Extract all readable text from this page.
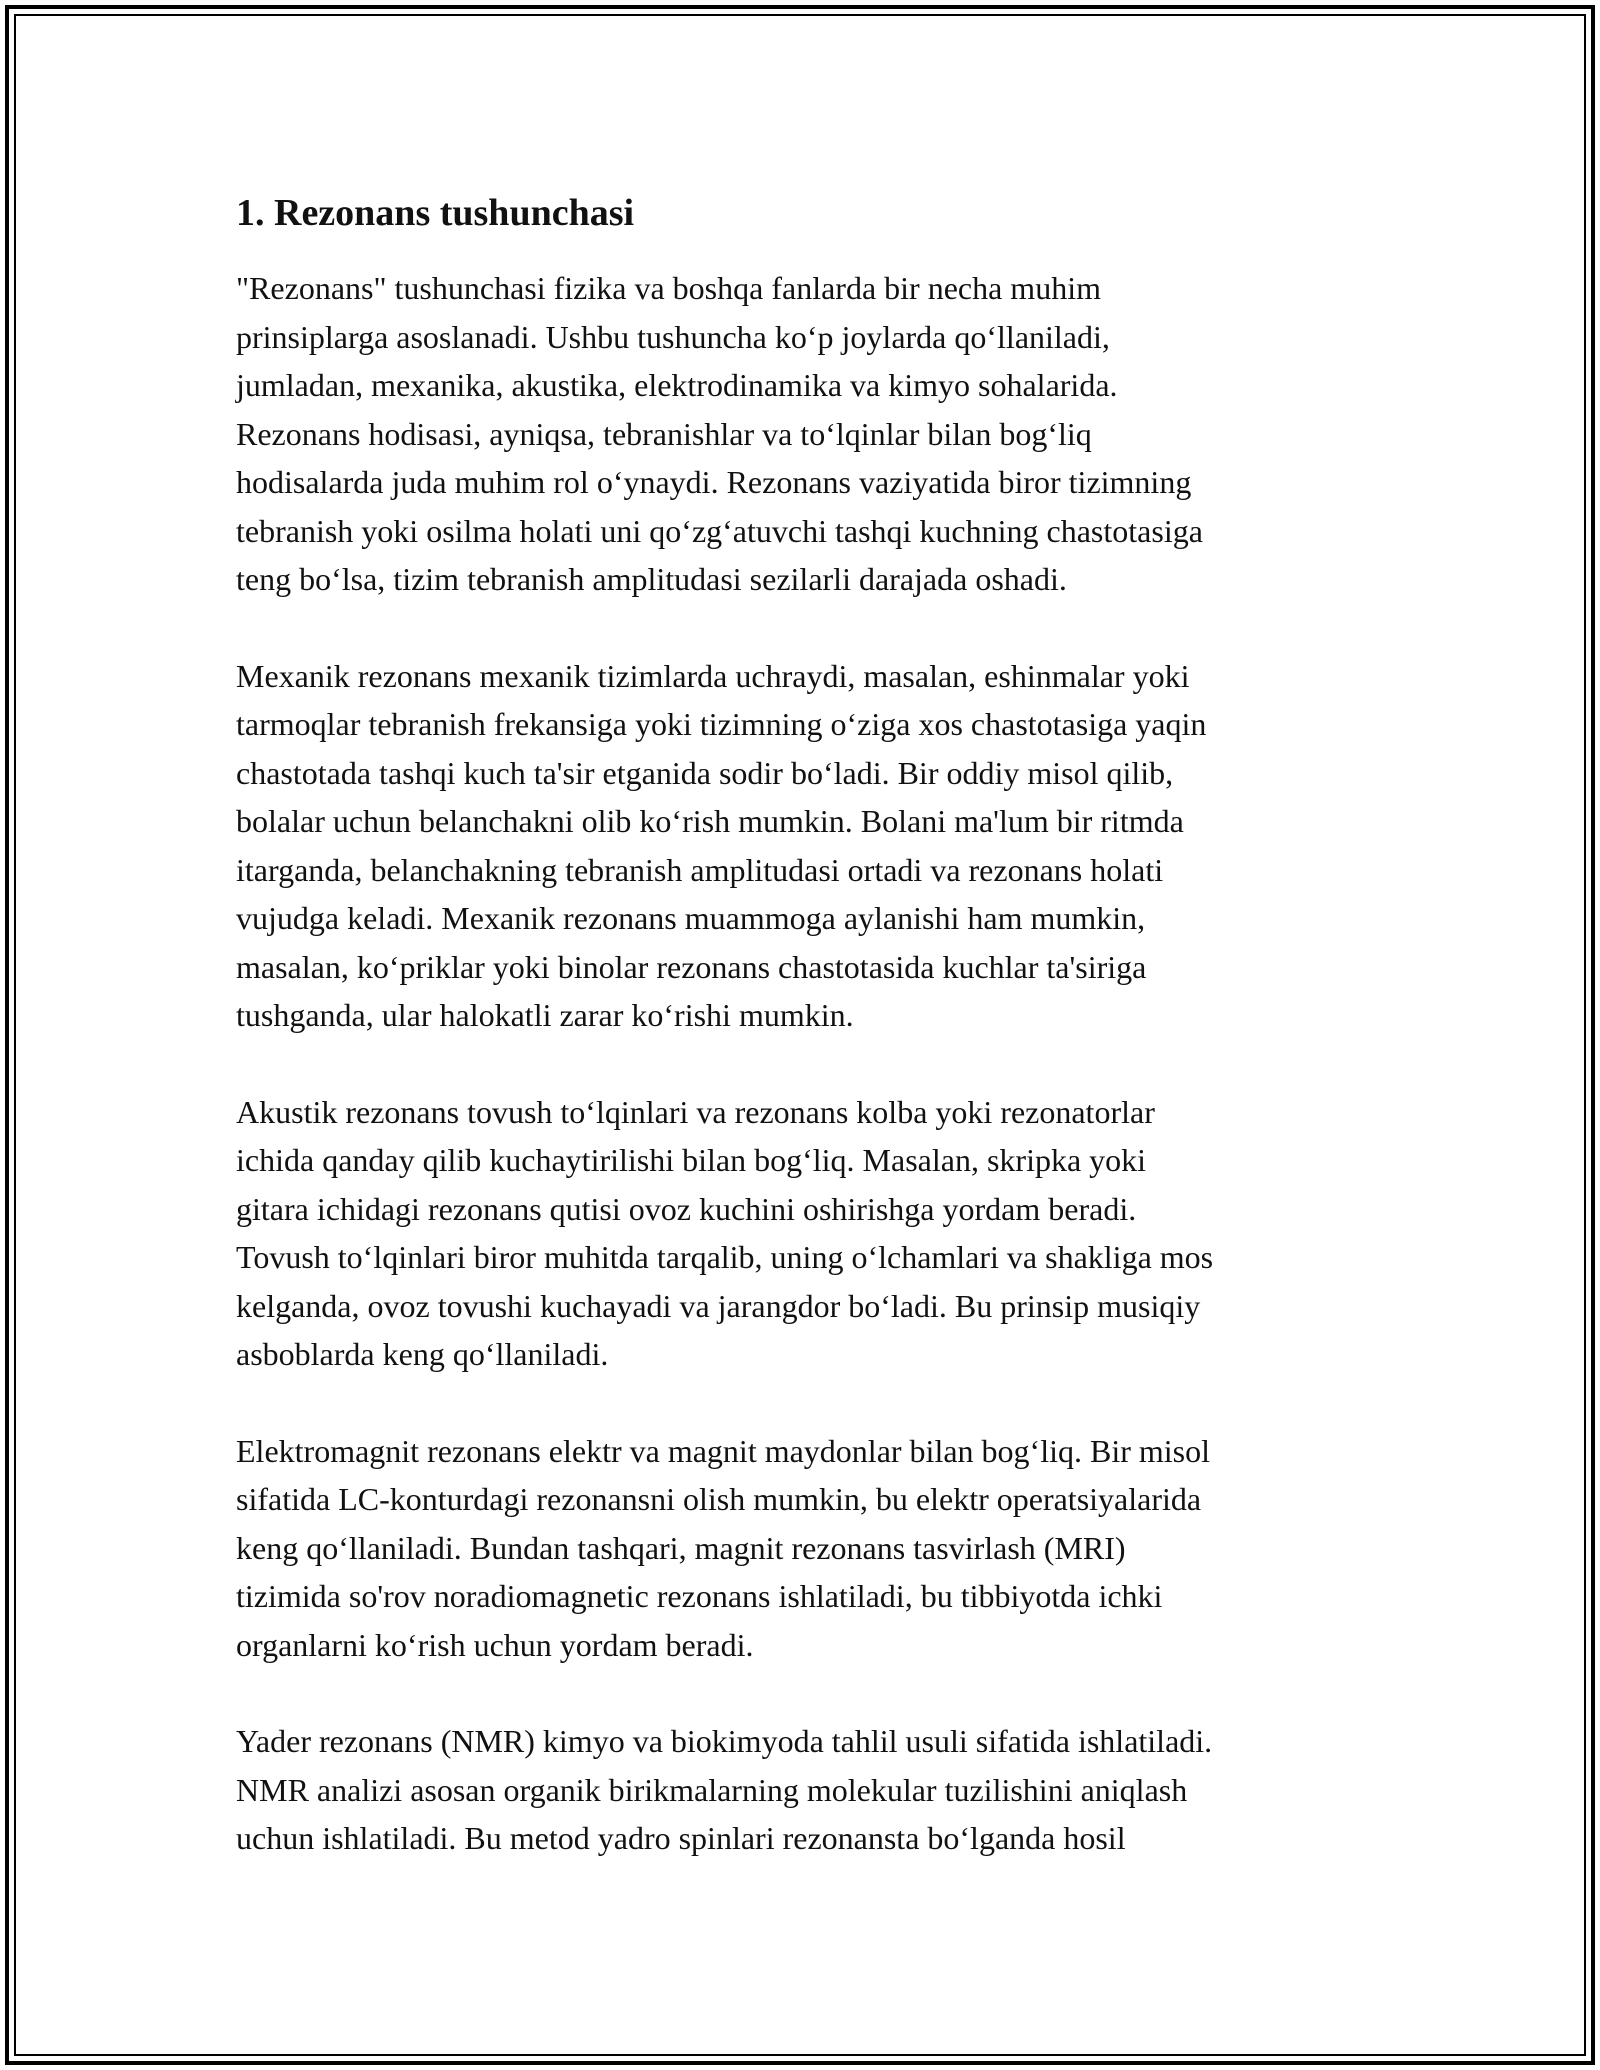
1. Rezonans tushunchasi

"Rezonans" tushunchasi fizika va boshqa fanlarda bir necha muhim
prinsiplarga asoslanadi. Ushbu tushuncha ko‘p joylarda qo‘llaniladi,
jumladan, mexanika, akustika, elektrodinamika va kimyo sohalarida.
Rezonans hodisasi, ayniqsa, tebranishlar va to‘lqinlar bilan bog‘liq
hodisalarda juda muhim rol o‘ynaydi. Rezonans vaziyatida biror tizimning
tebranish yoki osilma holati uni qo‘zg‘atuvchi tashqi kuchning chastotasiga
teng bo‘lsa, tizim tebranish amplitudasi sezilarli darajada oshadi.

Mexanik rezonans mexanik tizimlarda uchraydi, masalan, eshinmalar yoki
tarmoqlar tebranish frekansiga yoki tizimning o‘ziga xos chastotasiga yaqin
chastotada tashqi kuch ta'sir etganida sodir bo‘ladi. Bir oddiy misol qilib,
bolalar uchun belanchakni olib ko‘rish mumkin. Bolani ma'lum bir ritmda
itarganda, belanchakning tebranish amplitudasi ortadi va rezonans holati
vujudga keladi. Mexanik rezonans muammoga aylanishi ham mumkin,
masalan, ko‘priklar yoki binolar rezonans chastotasida kuchlar ta'siriga
tushganda, ular halokatli zarar ko‘rishi mumkin.

Akustik rezonans tovush to‘lqinlari va rezonans kolba yoki rezonatorlar
ichida qanday qilib kuchaytirilishi bilan bog‘liq. Masalan, skripka yoki
gitara ichidagi rezonans qutisi ovoz kuchini oshirishga yordam beradi.
Tovush to‘lqinlari biror muhitda tarqalib, uning o‘lchamlari va shakliga mos
kelganda, ovoz tovushi kuchayadi va jarangdor bo‘ladi. Bu prinsip musiqiy
asboblarda keng qo‘llaniladi.

Elektromagnit rezonans elektr va magnit maydonlar bilan bog‘liq. Bir misol
sifatida LC-konturdagi rezonansni olish mumkin, bu elektr operatsiyalarida
keng qo‘llaniladi. Bundan tashqari, magnit rezonans tasvirlash (MRI)
tizimida so'rov noradiomagnetic rezonans ishlatiladi, bu tibbiyotda ichki
organlarni ko‘rish uchun yordam beradi.

Yader rezonans (NMR) kimyo va biokimyoda tahlil usuli sifatida ishlatiladi.
NMR analizi asosan organik birikmalarning molekular tuzilishini aniqlash
uchun ishlatiladi. Bu metod yadro spinlari rezonansta bo‘lganda hosil
